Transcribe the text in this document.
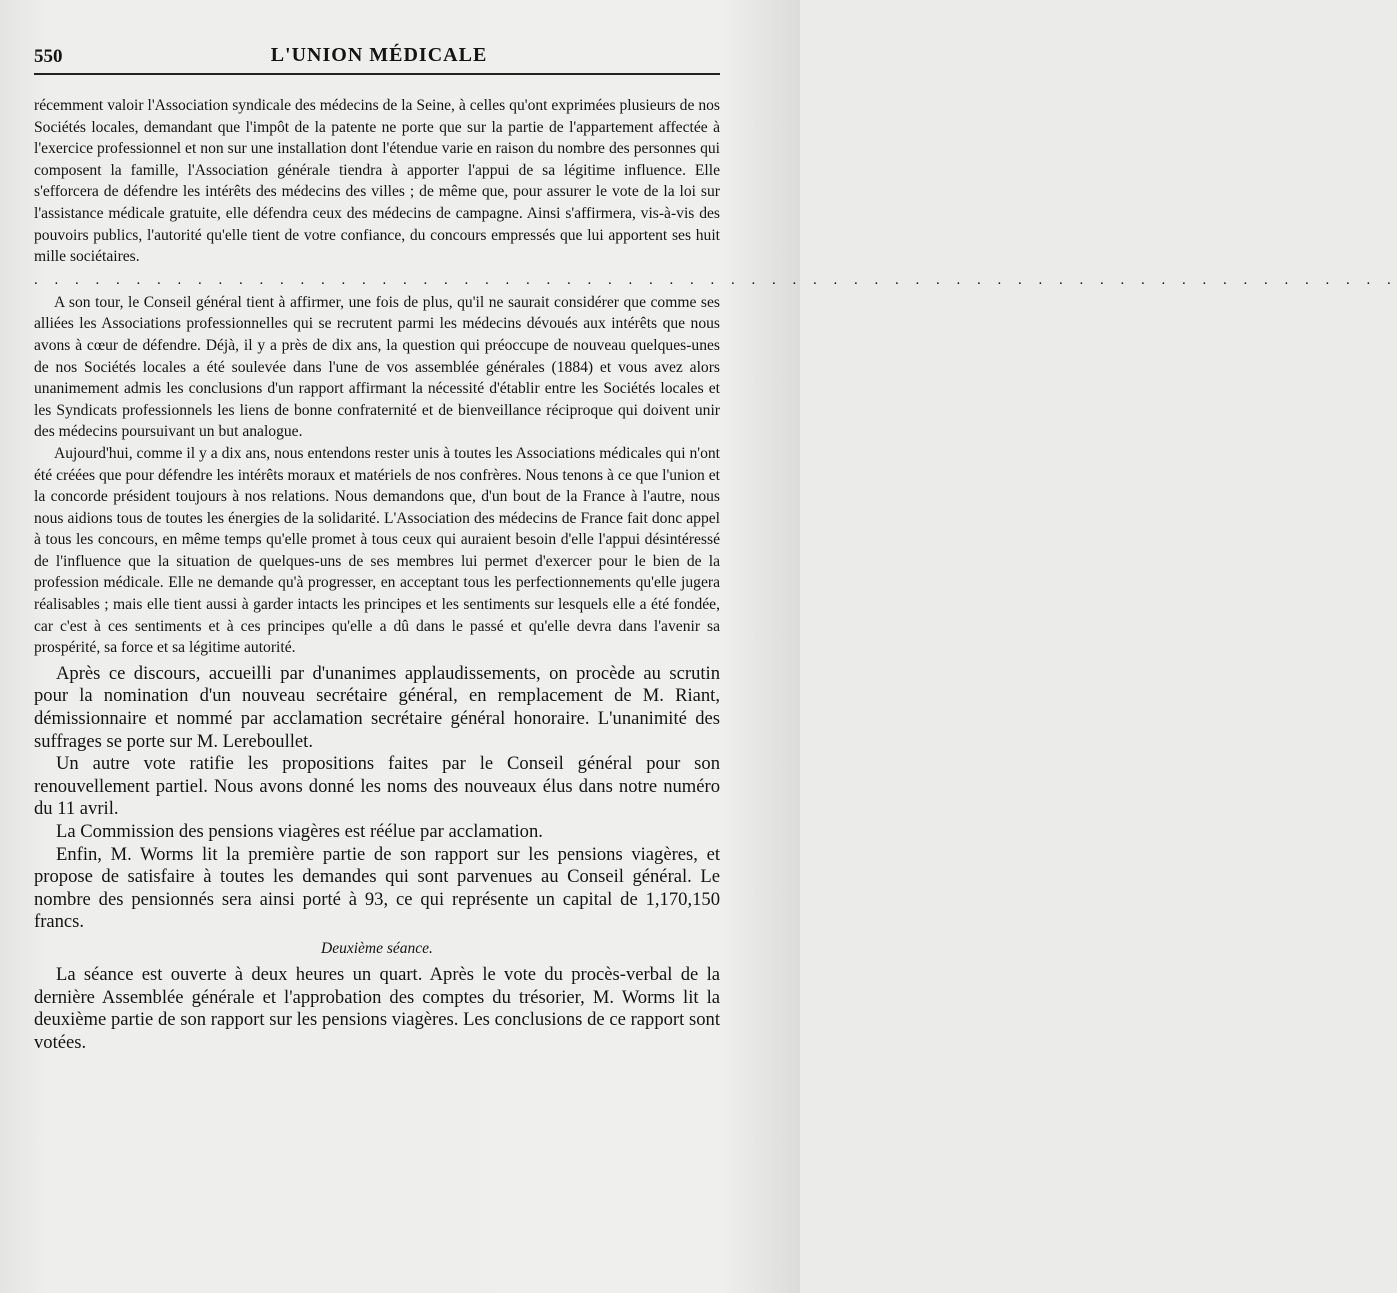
550	L'UNION MÉDICALE

récemment valoir l'Association syndicale des médecins de la Seine, à celles qu'ont exprimées plusieurs de nos Sociétés locales, demandant que l'impôt de la patente ne porte que sur la partie de l'appartement affectée à l'exercice professionnel et non sur une installation dont l'étendue varie en raison du nombre des personnes qui composent la famille, l'Association générale tiendra à apporter l'appui de sa légitime influence. Elle s'efforcera de défendre les intérêts des médecins des villes ; de même que, pour assurer le vote de la loi sur l'assistance médicale gratuite, elle défendra ceux des médecins de campagne. Ainsi s'affirmera, vis-à-vis des pouvoirs publics, l'autorité qu'elle tient de votre confiance, du concours empressés que lui apportent ses huit mille sociétaires.

. . . . . . . . . . . . . . . . . . . . . . . . . . . . . . . . . . . . . . . . . . . . . . . . . . . . . . . . . . . . . . . . . . .

A son tour, le Conseil général tient à affirmer, une fois de plus, qu'il ne saurait considérer que comme ses alliées les Associations professionnelles qui se recrutent parmi les médecins dévoués aux intérêts que nous avons à cœur de défendre. Déjà, il y a près de dix ans, la question qui préoccupe de nouveau quelques-unes de nos Sociétés locales a été soulevée dans l'une de vos assemblée générales (1884) et vous avez alors unanimement admis les conclusions d'un rapport affirmant la nécessité d'établir entre les Sociétés locales et les Syndicats professionnels les liens de bonne confraternité et de bienveillance réciproque qui doivent unir des médecins poursuivant un but analogue.

Aujourd'hui, comme il y a dix ans, nous entendons rester unis à toutes les Associations médicales qui n'ont été créées que pour défendre les intérêts moraux et matériels de nos confrères. Nous tenons à ce que l'union et la concorde président toujours à nos relations. Nous demandons que, d'un bout de la France à l'autre, nous nous aidions tous de toutes les énergies de la solidarité. L'Association des médecins de France fait donc appel à tous les concours, en même temps qu'elle promet à tous ceux qui auraient besoin d'elle l'appui désintéressé de l'influence que la situation de quelques-uns de ses membres lui permet d'exercer pour le bien de la profession médicale. Elle ne demande qu'à progresser, en acceptant tous les perfectionnements qu'elle jugera réalisables ; mais elle tient aussi à garder intacts les principes et les sentiments sur lesquels elle a été fondée, car c'est à ces sentiments et à ces principes qu'elle a dû dans le passé et qu'elle devra dans l'avenir sa prospérité, sa force et sa légitime autorité.

Après ce discours, accueilli par d'unanimes applaudissements, on procède au scrutin pour la nomination d'un nouveau secrétaire général, en remplacement de M. Riant, démissionnaire et nommé par acclamation secrétaire général honoraire. L'unanimité des suffrages se porte sur M. Lereboullet.

Un autre vote ratifie les propositions faites par le Conseil général pour son renouvellement partiel. Nous avons donné les noms des nouveaux élus dans notre numéro du 11 avril.

La Commission des pensions viagères est réélue par acclamation.

Enfin, M. Worms lit la première partie de son rapport sur les pensions viagères, et propose de satisfaire à toutes les demandes qui sont parvenues au Conseil général. Le nombre des pensionnés sera ainsi porté à 93, ce qui représente un capital de 1,170,150 francs.

Deuxième séance.

La séance est ouverte à deux heures un quart. Après le vote du procès-verbal de la dernière Assemblée générale et l'approbation des comptes du trésorier, M. Worms lit la deuxième partie de son rapport sur les pensions viagères. Les conclusions de ce rapport sont votées.
